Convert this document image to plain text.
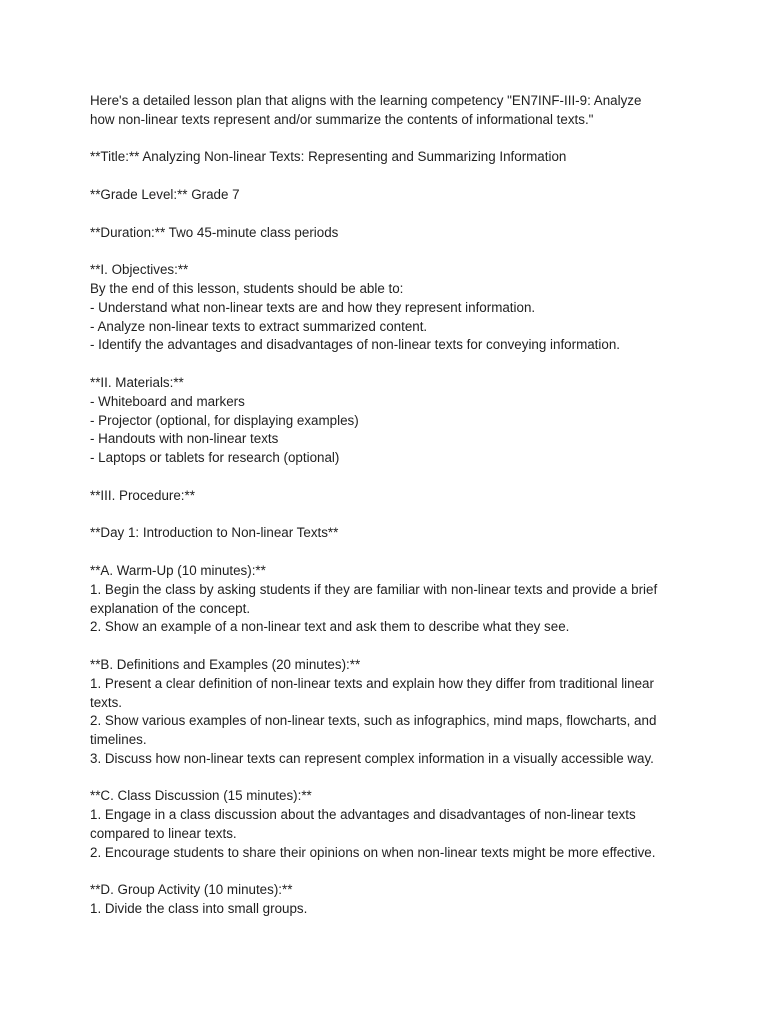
Here's a detailed lesson plan that aligns with the learning competency "EN7INF-III-9: Analyze
how non-linear texts represent and/or summarize the contents of informational texts."
**Title:** Analyzing Non-linear Texts: Representing and Summarizing Information
**Grade Level:** Grade 7
**Duration:** Two 45-minute class periods
**I. Objectives:**
By the end of this lesson, students should be able to:
- Understand what non-linear texts are and how they represent information.
- Analyze non-linear texts to extract summarized content.
- Identify the advantages and disadvantages of non-linear texts for conveying information.
**II. Materials:**
- Whiteboard and markers
- Projector (optional, for displaying examples)
- Handouts with non-linear texts
- Laptops or tablets for research (optional)
**III. Procedure:**
**Day 1: Introduction to Non-linear Texts**
**A. Warm-Up (10 minutes):**
1. Begin the class by asking students if they are familiar with non-linear texts and provide a brief
explanation of the concept.
2. Show an example of a non-linear text and ask them to describe what they see.
**B. Definitions and Examples (20 minutes):**
1. Present a clear definition of non-linear texts and explain how they differ from traditional linear
texts.
2. Show various examples of non-linear texts, such as infographics, mind maps, flowcharts, and
timelines.
3. Discuss how non-linear texts can represent complex information in a visually accessible way.
**C. Class Discussion (15 minutes):**
1. Engage in a class discussion about the advantages and disadvantages of non-linear texts
compared to linear texts.
2. Encourage students to share their opinions on when non-linear texts might be more effective.
**D. Group Activity (10 minutes):**
1. Divide the class into small groups.
